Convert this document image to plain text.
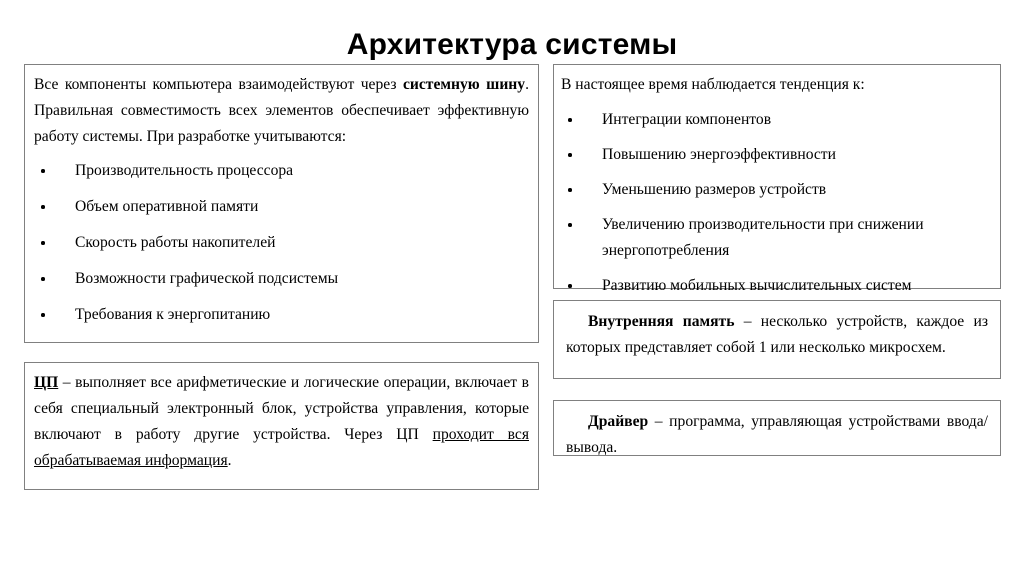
Архитектура системы

Все компоненты компьютера взаимодействуют через системную шину. Правильная совместимость всех элементов обеспечивает эффективную работу системы. При разработке учитываются:

Производительность процессора
Объем оперативной памяти
Скорость работы накопителей
Возможности графической подсистемы
Требования к энергопитанию

ЦП – выполняет все арифметические и логические операции, включает в себя специальный электронный блок, устройства управления, которые включают в работу другие устройства. Через ЦП проходит вся обрабатываемая информация.

В настоящее время наблюдается тенденция к:

Интеграции компонентов
Повышению энергоэффективности
Уменьшению размеров устройств
Увеличению производительности при снижении энергопотребления
Развитию мобильных вычислительных систем

Внутренняя память – несколько устройств, каждое из которых представляет собой 1 или несколько микросхем.

Драйвер – программа, управляющая устройствами ввода/вывода.
